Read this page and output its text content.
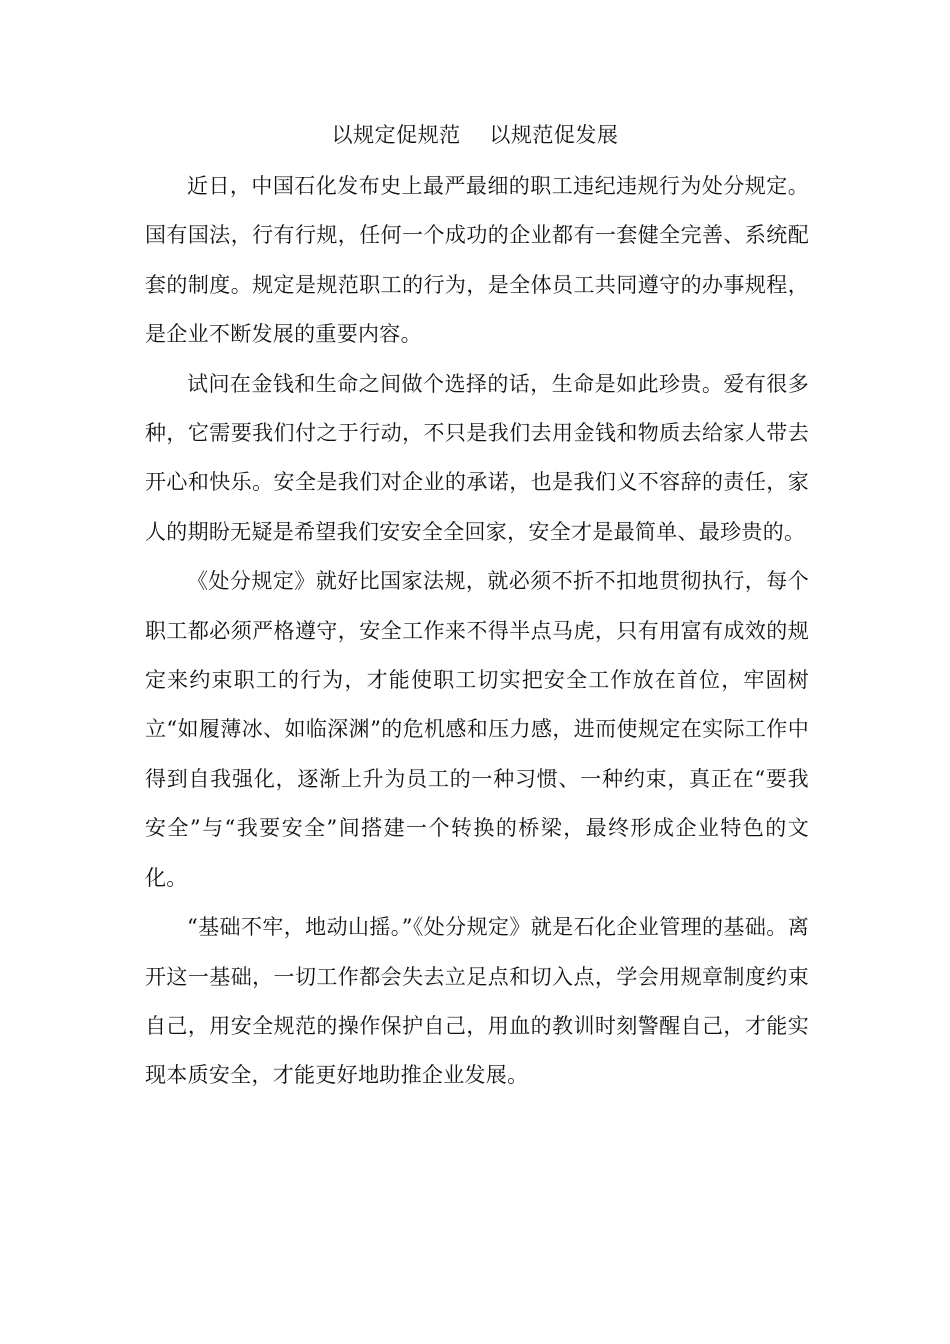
以规定促规范    以规范促发展

近日，中国石化发布史上最严最细的职工违纪违规行为处分规定。国有国法，行有行规，任何一个成功的企业都有一套健全完善、系统配套的制度。规定是规范职工的行为，是全体员工共同遵守的办事规程，是企业不断发展的重要内容。

试问在金钱和生命之间做个选择的话，生命是如此珍贵。爱有很多种，它需要我们付之于行动，不只是我们去用金钱和物质去给家人带去开心和快乐。安全是我们对企业的承诺，也是我们义不容辞的责任，家人的期盼无疑是希望我们安安全全回家，安全才是最简单、最珍贵的。

《处分规定》就好比国家法规，就必须不折不扣地贯彻执行，每个职工都必须严格遵守，安全工作来不得半点马虎，只有用富有成效的规定来约束职工的行为，才能使职工切实把安全工作放在首位，牢固树立“如履薄冰、如临深渊”的危机感和压力感，进而使规定在实际工作中得到自我强化，逐渐上升为员工的一种习惯、一种约束，真正在“要我安全”与“我要安全”间搭建一个转换的桥梁，最终形成企业特色的文化。

“基础不牢，地动山摇。”《处分规定》就是石化企业管理的基础。离开这一基础，一切工作都会失去立足点和切入点，学会用规章制度约束自己，用安全规范的操作保护自己，用血的教训时刻警醒自己，才能实现本质安全，才能更好地助推企业发展。
